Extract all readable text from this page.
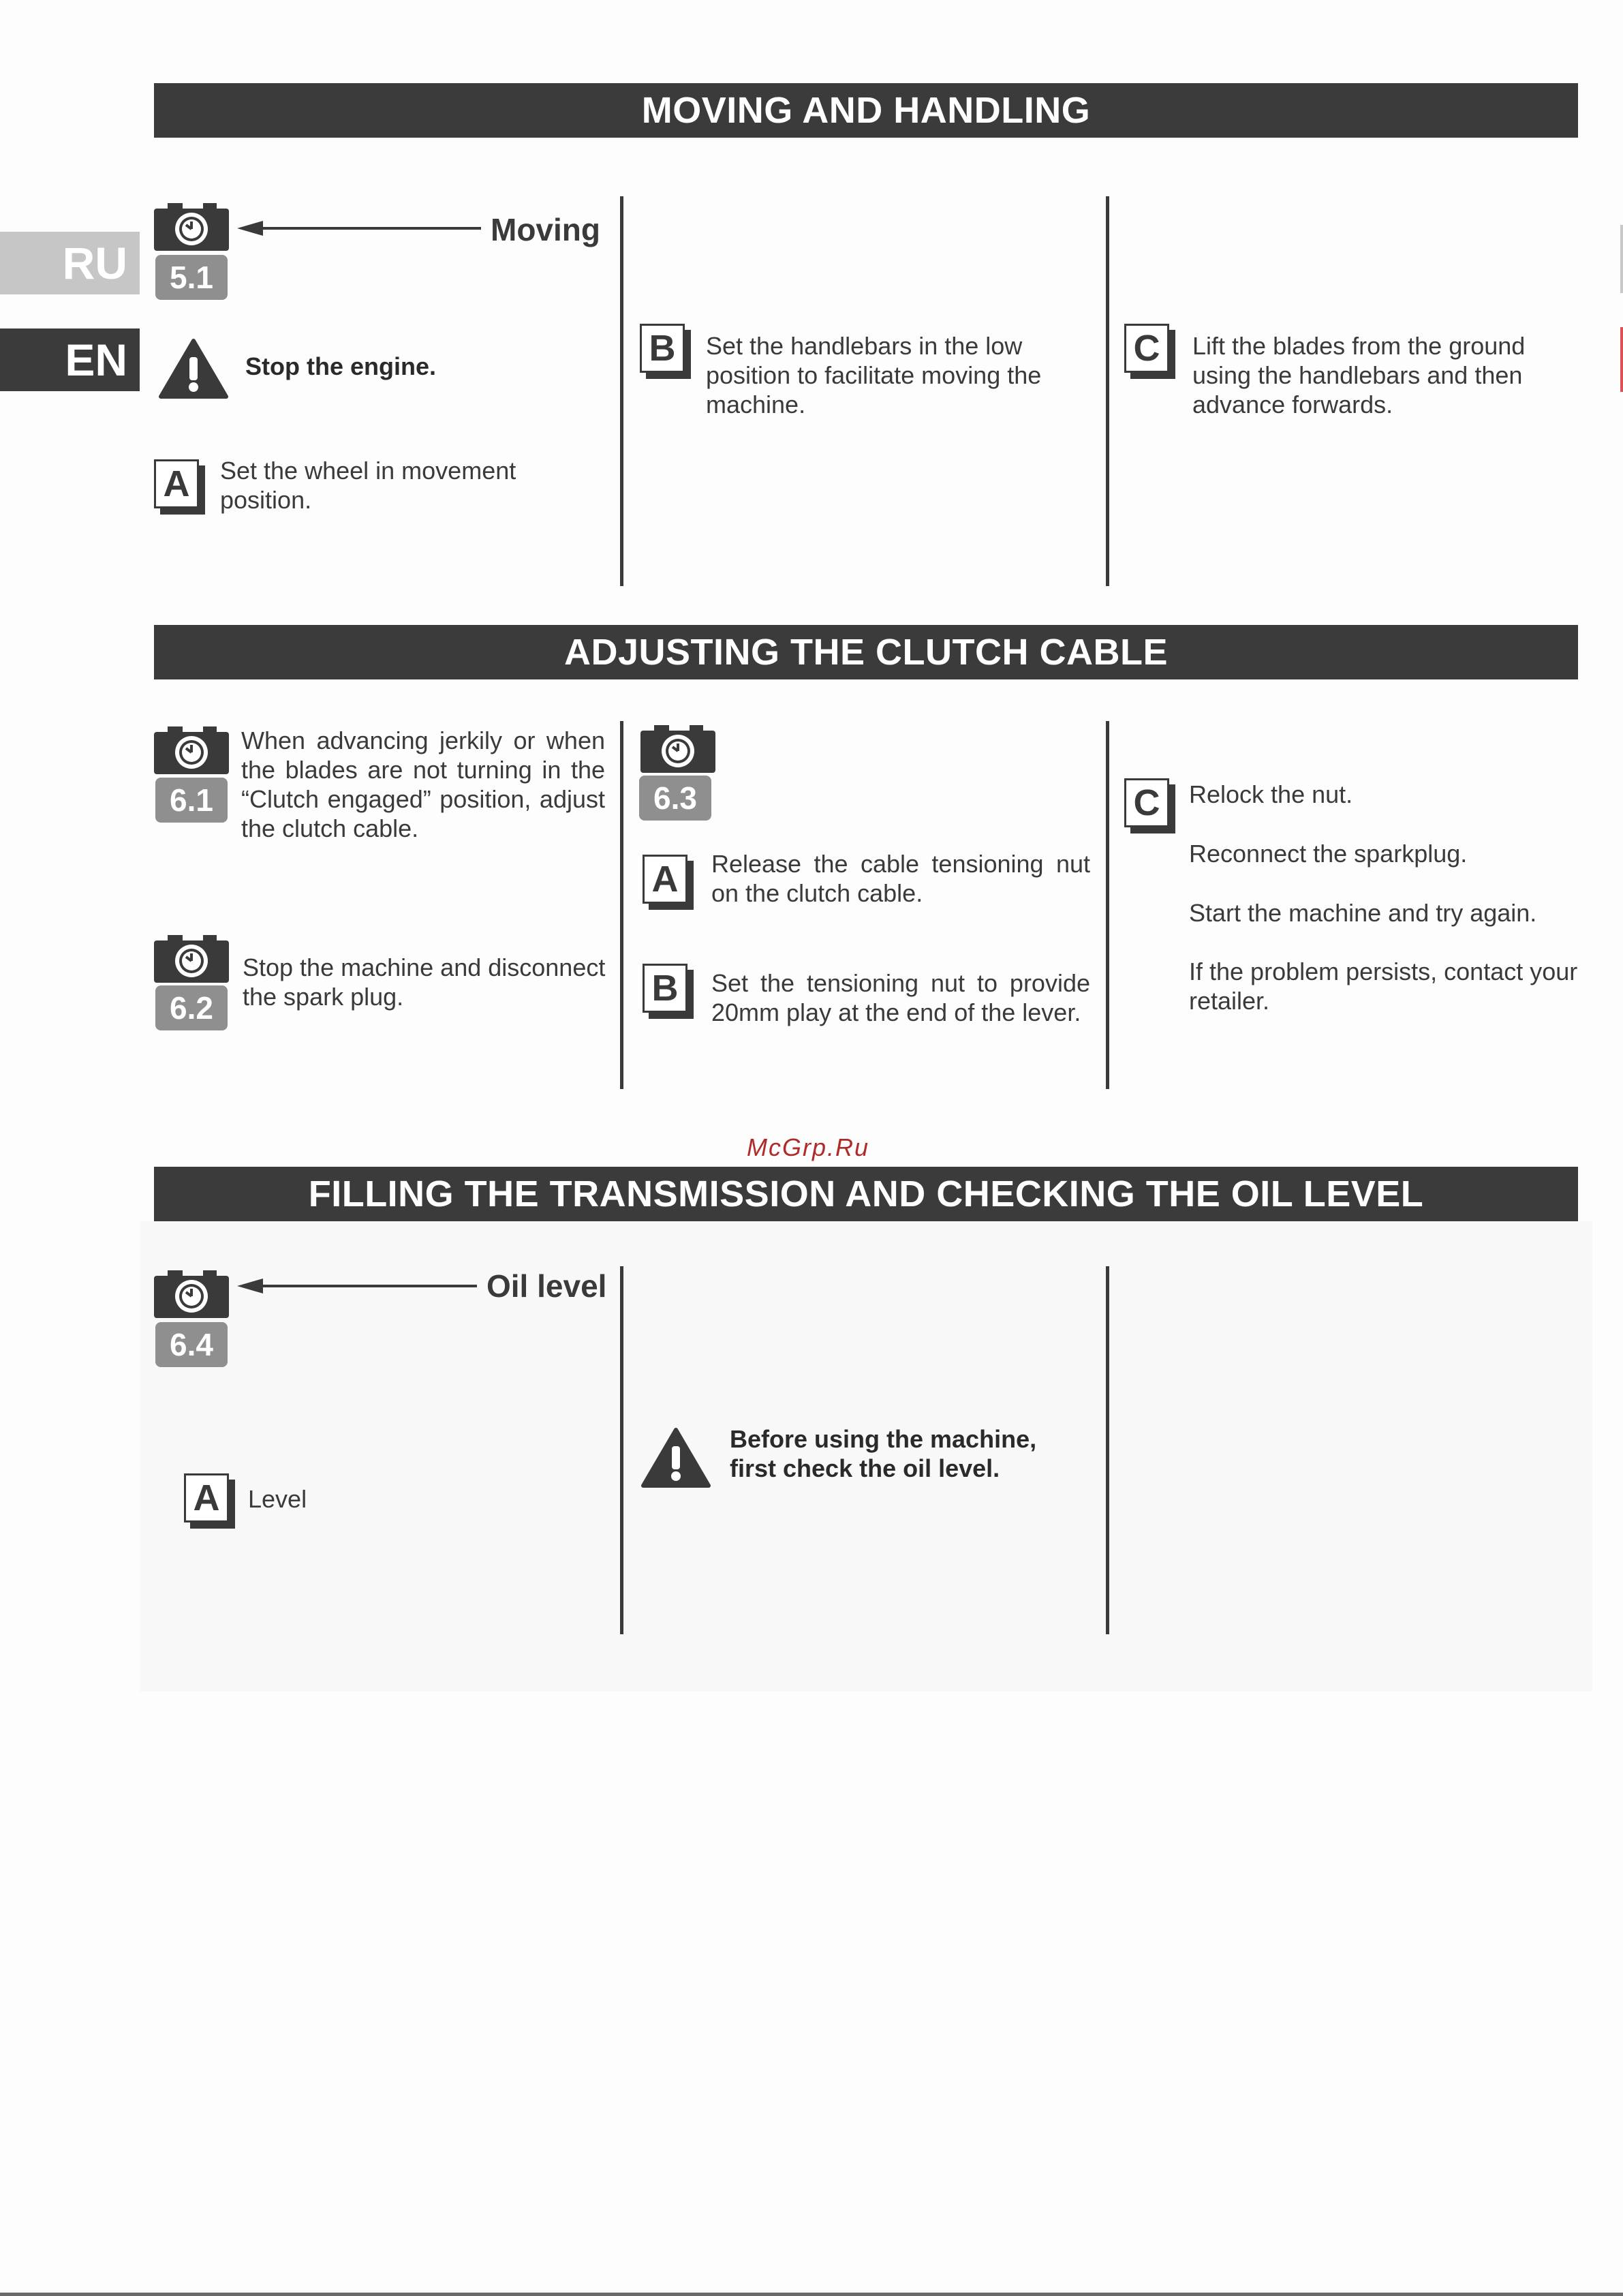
RU
EN
MOVING AND HANDLING
5.1
Moving
Stop the engine.
A	Set the wheel in movement position.
B	Set the handlebars in the low position to facilitate moving the machine.
C	Lift the blades from the ground using the handlebars and then advance forwards.
ADJUSTING THE CLUTCH CABLE
6.1
When advancing jerkily or when the blades are not turning in the “Clutch engaged” position, adjust the clutch cable.
6.2
Stop the machine and disconnect the spark plug.
6.3
A	Release the cable tensioning nut on the clutch cable.
B	Set the tensioning nut to provide 20mm play at the end of the lever.
C	Relock the nut.
Reconnect the sparkplug.
Start the machine and try again.
If the problem persists, contact your retailer.
McGrp.Ru
FILLING THE TRANSMISSION AND CHECKING THE OIL LEVEL
6.4
Oil level
A	Level
Before using the machine,
first check the oil level.
